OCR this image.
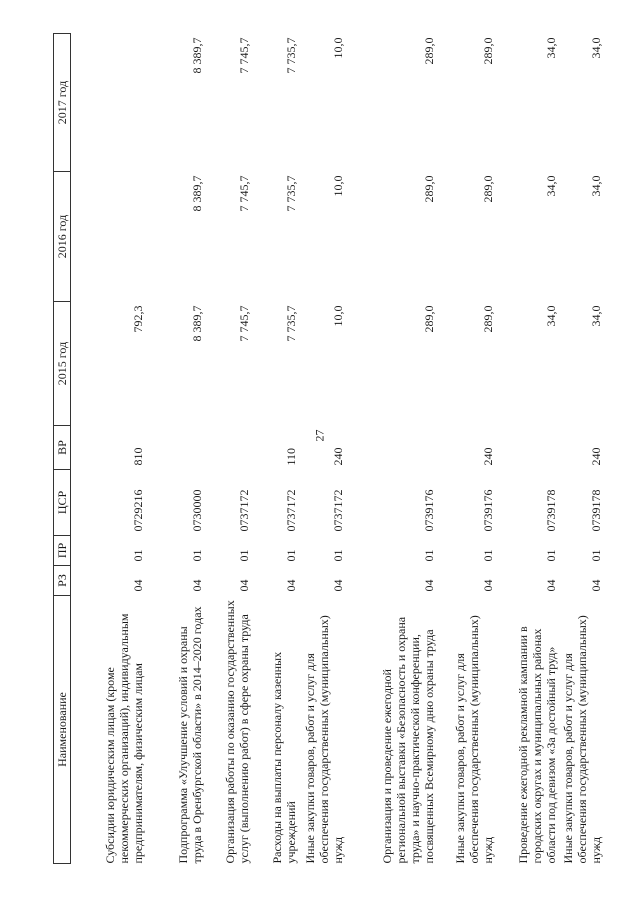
27
Наименование	РЗ	ПР	ЦСР	ВР	2015 год	2016 год	2017 год
Субсидии юридическим лицам (кроме некоммерческих организаций), индивидуальным предпринимателям, физическим лицам	04	01	0729216	810	792,3		
Подпрограмма «Улучшение условий и охраны труда в Оренбургской области» в 2014–2020 годах	04	01	0730000		8 389,7	8 389,7	8 389,7
Организация работы по оказанию государственных услуг (выполнению работ) в сфере охраны труда	04	01	0737172		7 745,7	7 745,7	7 745,7
Расходы на выплаты персоналу казенных учреждений	04	01	0737172	110	7 735,7	7 735,7	7 735,7
Иные закупки товаров, работ и услуг для обеспечения государственных (муниципальных) нужд	04	01	0737172	240	10,0	10,0	10,0
Организация и проведение ежегодной региональной выставки «Безопасность и охрана труда» и научно-практической конференции, посвященных Всемирному дню охраны труда	04	01	0739176		289,0	289,0	289,0
Иные закупки товаров, работ и услуг для обеспечения государственных (муниципальных) нужд	04	01	0739176	240	289,0	289,0	289,0
Проведение ежегодной рекламной кампании в городских округах и муниципальных районах области под девизом «За достойный труд»	04	01	0739178		34,0	34,0	34,0
Иные закупки товаров, работ и услуг для обеспечения государственных (муниципальных) нужд	04	01	0739178	240	34,0	34,0	34,0
